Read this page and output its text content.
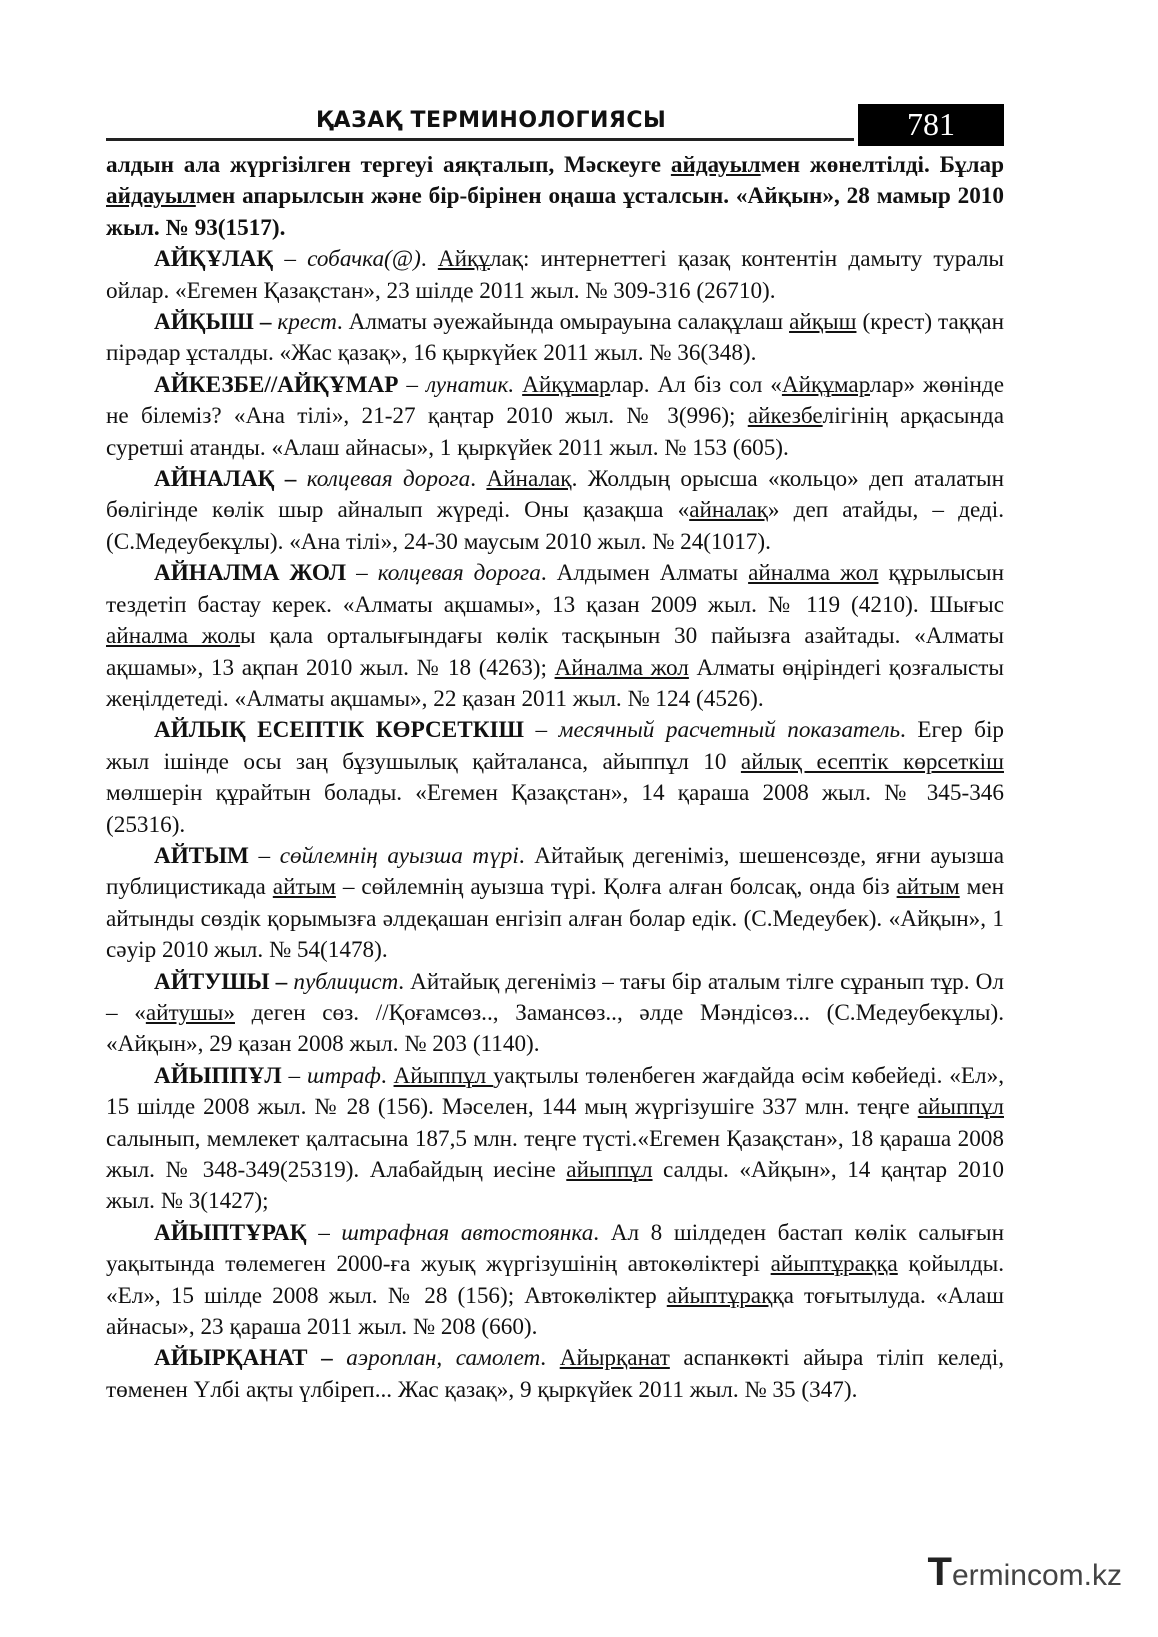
ҚАЗАҚ ТЕРМИНОЛОГИЯСЫ	781

алдын ала жүргізілген тергеуі аяқталып, Мәскеуге айдауылмен жөнелтілді. Бұлар айдауылмен апарылсын және бір-бірінен оңаша ұсталсын. «Айқын», 28 мамыр 2010 жыл. № 93(1517).

АЙҚҰЛАҚ – собачка(@). Айқұлақ: интернеттегі қазақ контентін дамыту туралы ойлар. «Егемен Қазақстан», 23 шілде 2011 жыл. № 309-316 (26710).

АЙҚЫШ – крест. Алматы әуежайында омырауына салақұлаш айқыш (крест) таққан пірәдар ұсталды. «Жас қазақ», 16 қыркүйек 2011 жыл. № 36(348).

АЙКЕЗБЕ//АЙҚҰМАР – лунатик. Айқұмарлар. Ал біз сол «Айқұмарлар» жөнінде не білеміз? «Ана тілі», 21-27 қаңтар 2010 жыл. № 3(996); айкезбелігінің арқасында суретші атанды. «Алаш айнасы», 1 қыркүйек 2011 жыл. № 153 (605).

АЙНАЛАҚ – колцевая дорога. Айналақ. Жолдың орысша «кольцо» деп аталатын бөлігінде көлік шыр айналып жүреді. Оны қазақша «айналақ» деп атайды, – деді. (С.Медеубекұлы). «Ана тілі», 24-30 маусым 2010 жыл. № 24(1017).

АЙНАЛМА ЖОЛ – колцевая дорога. Алдымен Алматы айналма жол құрылысын тездетіп бастау керек. «Алматы ақшамы», 13 қазан 2009 жыл. № 119 (4210). Шығыс айналма жолы қала орталығындағы көлік тасқынын 30 пайызға азайтады. «Алматы ақшамы», 13 ақпан 2010 жыл. № 18 (4263); Айналма жол Алматы өңіріндегі қозғалысты жеңілдетеді. «Алматы ақшамы», 22 қазан 2011 жыл. № 124 (4526).

АЙЛЫҚ ЕСЕПТІК КӨРСЕТКІШ – месячный расчетный показатель. Егер бір жыл ішінде осы заң бұзушылық қайталанса, айыппұл 10 айлық есептік көрсеткіш мөлшерін құрайтын болады. «Егемен Қазақстан», 14 қараша 2008 жыл. № 345-346 (25316).

АЙТЫМ – сөйлемнің ауызша түрі. Айтайық дегеніміз, шешенсөзде, яғни ауызша публицистикада айтым – сөйлемнің ауызша түрі. Қолға алған болсақ, онда біз айтым мен айтынды сөздік қорымызға әлдеқашан енгізіп алған болар едік. (С.Медеубек). «Айқын», 1 сәуір 2010 жыл. № 54(1478).

АЙТУШЫ – публицист. Айтайық дегеніміз – тағы бір аталым тілге сұранып тұр. Ол – «айтушы» деген сөз. //Қоғамсөз.., Замансөз.., әлде Мәндісөз... (С.Медеубекұлы). «Айқын», 29 қазан 2008 жыл. № 203 (1140).

АЙЫППҰЛ – штраф. Айыппұл уақтылы төленбеген жағдайда өсім көбейеді. «Ел», 15 шілде 2008 жыл. № 28 (156). Мәселен, 144 мың жүргізушіге 337 млн. теңге айыппұл салынып, мемлекет қалтасына 187,5 млн. теңге түсті.«Егемен Қазақстан», 18 қараша 2008 жыл. № 348-349(25319). Алабайдың иесіне айыппұл салды. «Айқын», 14 қаңтар 2010 жыл. № 3(1427);

АЙЫПТҰРАҚ – штрафная автостоянка. Ал 8 шілдеден бастап көлік салығын уақытында төлемеген 2000-ға жуық жүргізушінің автокөліктері айыптұраққа қойылды. «Ел», 15 шілде 2008 жыл. № 28 (156); Автокөліктер айыптұраққа тоғытылуда. «Алаш айнасы», 23 қараша 2011 жыл. № 208 (660).

АЙЫРҚАНАТ – аэроплан, самолет. Айырқанат аспанкөкті айыра тіліп келеді, төменен Үлбі ақты үлбіреп... Жас қазақ», 9 қыркүйек 2011 жыл. № 35 (347).

Termincom.kz
